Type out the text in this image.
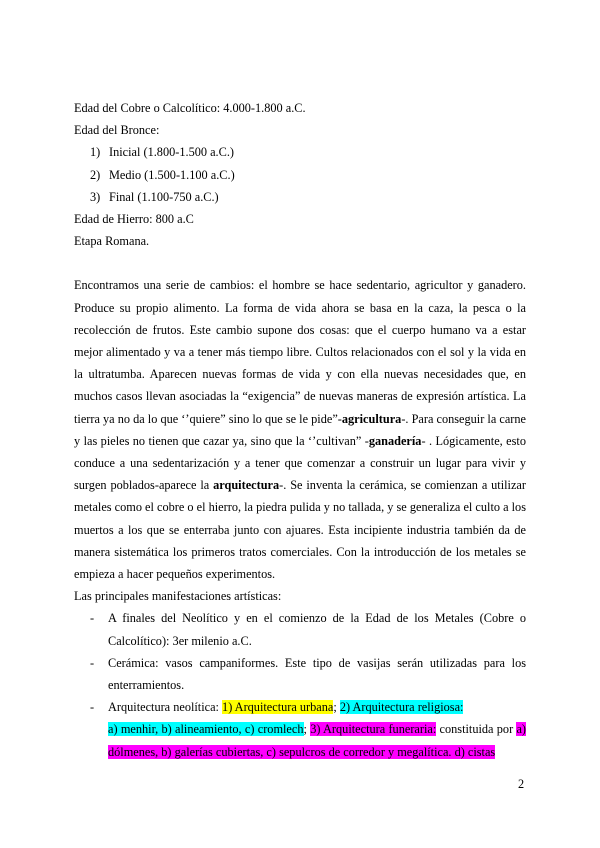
Edad del Cobre o Calcolítico: 4.000-1.800 a.C.
Edad del Bronce:
1) Inicial (1.800-1.500 a.C.)
2) Medio (1.500-1.100 a.C.)
3) Final (1.100-750 a.C.)
Edad de Hierro: 800 a.C
Etapa Romana.

Encontramos una serie de cambios: el hombre se hace sedentario, agricultor y ganadero. Produce su propio alimento. La forma de vida ahora se basa en la caza, la pesca o la recolección de frutos. Este cambio supone dos cosas: que el cuerpo humano va a estar mejor alimentado y va a tener más tiempo libre. Cultos relacionados con el sol y la vida en la ultratumba. Aparecen nuevas formas de vida y con ella nuevas necesidades que, en muchos casos llevan asociadas la “exigencia” de nuevas maneras de expresión artística. La tierra ya no da lo que ‘’quiere” sino lo que se le pide”-agricultura-. Para conseguir la carne y las pieles no tienen que cazar ya, sino que la ‘’cultivan” -ganadería- . Lógicamente, esto conduce a una sedentarización y a tener que comenzar a construir un lugar para vivir y surgen poblados-aparece la arquitectura-. Se inventa la cerámica, se comienzan a utilizar metales como el cobre o el hierro, la piedra pulida y no tallada, y se generaliza el culto a los muertos a los que se enterraba junto con ajuares. Esta incipiente industria también da de manera sistemática los primeros tratos comerciales. Con la introducción de los metales se empieza a hacer pequeños experimentos.

Las principales manifestaciones artísticas:
- A finales del Neolítico y en el comienzo de la Edad de los Metales (Cobre o Calcolítico): 3er milenio a.C.
- Cerámica: vasos campaniformes. Este tipo de vasijas serán utilizadas para los enterramientos.
- Arquitectura neolítica: 1) Arquitectura urbana; 2) Arquitectura religiosa:
a) menhir, b) alineamiento, c) cromlech; 3) Arquitectura funeraria: constituida por a) dólmenes, b) galerías cubiertas, c) sepulcros de corredor y megalítica. d) cistas
2
